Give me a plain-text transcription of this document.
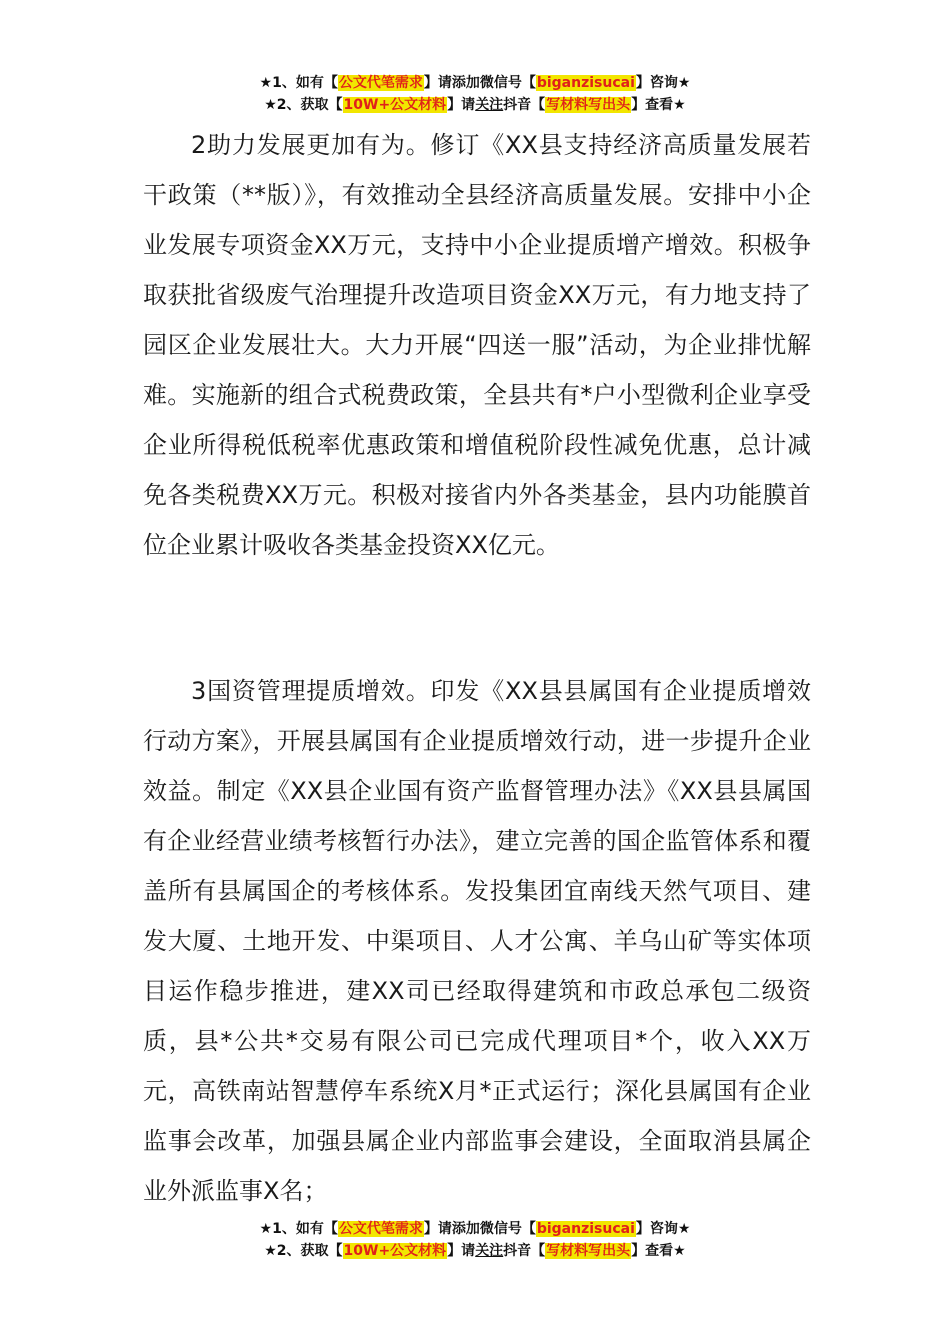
★1、如有【公文代笔需求】请添加微信号【biganzisucai】咨询★
★2、获取【10W+公文材料】请关注抖音【写材料写出头】查看★

2助力发展更加有为。修订《XX县支持经济高质量发展若干政策（**版）》，有效推动全县经济高质量发展。安排中小企业发展专项资金XX万元，支持中小企业提质增产增效。积极争取获批省级废气治理提升改造项目资金XX万元，有力地支持了园区企业发展壮大。大力开展“四送一服”活动，为企业排忧解难。实施新的组合式税费政策，全县共有*户小型微利企业享受企业所得税低税率优惠政策和增值税阶段性减免优惠，总计减免各类税费XX万元。积极对接省内外各类基金，县内功能膜首位企业累计吸收各类基金投资XX亿元。

3国资管理提质增效。印发《XX县县属国有企业提质增效行动方案》，开展县属国有企业提质增效行动，进一步提升企业效益。制定《XX县企业国有资产监督管理办法》《XX县县属国有企业经营业绩考核暂行办法》，建立完善的国企监管体系和覆盖所有县属国企的考核体系。发投集团宜南线天然气项目、建发大厦、土地开发、中渠项目、人才公寓、羊乌山矿等实体项目运作稳步推进，建XX司已经取得建筑和市政总承包二级资质，县*公共*交易有限公司已完成代理项目*个，收入XX万元，高铁南站智慧停车系统X月*正式运行；深化县属国有企业监事会改革，加强县属企业内部监事会建设，全面取消县属企业外派监事X名；

★1、如有【公文代笔需求】请添加微信号【biganzisucai】咨询★
★2、获取【10W+公文材料】请关注抖音【写材料写出头】查看★
